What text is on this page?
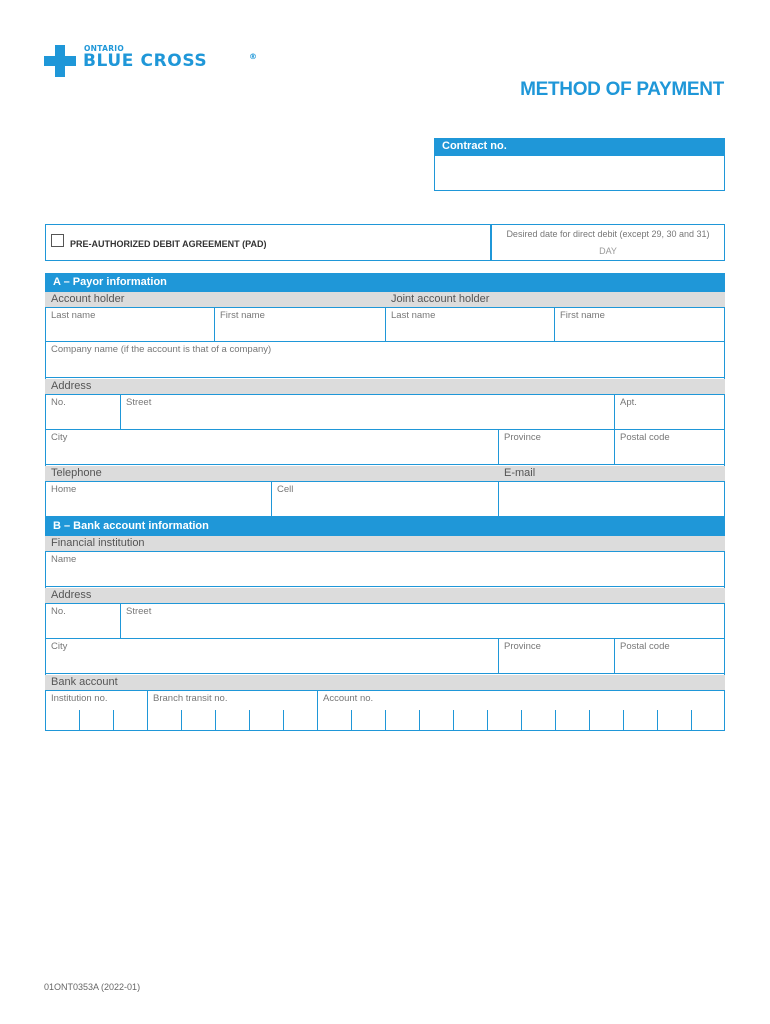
ONTARIO
BLUE CROSS	®
METHOD OF PAYMENT
Contract no.
PRE-AUTHORIZED DEBIT AGREEMENT (PAD)
Desired date for direct debit (except 29, 30 and 31)
DAY
A – Payor information
Account holder	Joint account holder
Last name	First name	Last name	First name
Company name (if the account is that of a company)
Address
No.	Street	Apt.
City	Province	Postal code
Telephone	E-mail
Home	Cell
B – Bank account information
Financial institution
Name
Address
No.	Street
City	Province	Postal code
Bank account
Institution no.	Branch transit no.	Account no.
01ONT0353A (2022-01)
